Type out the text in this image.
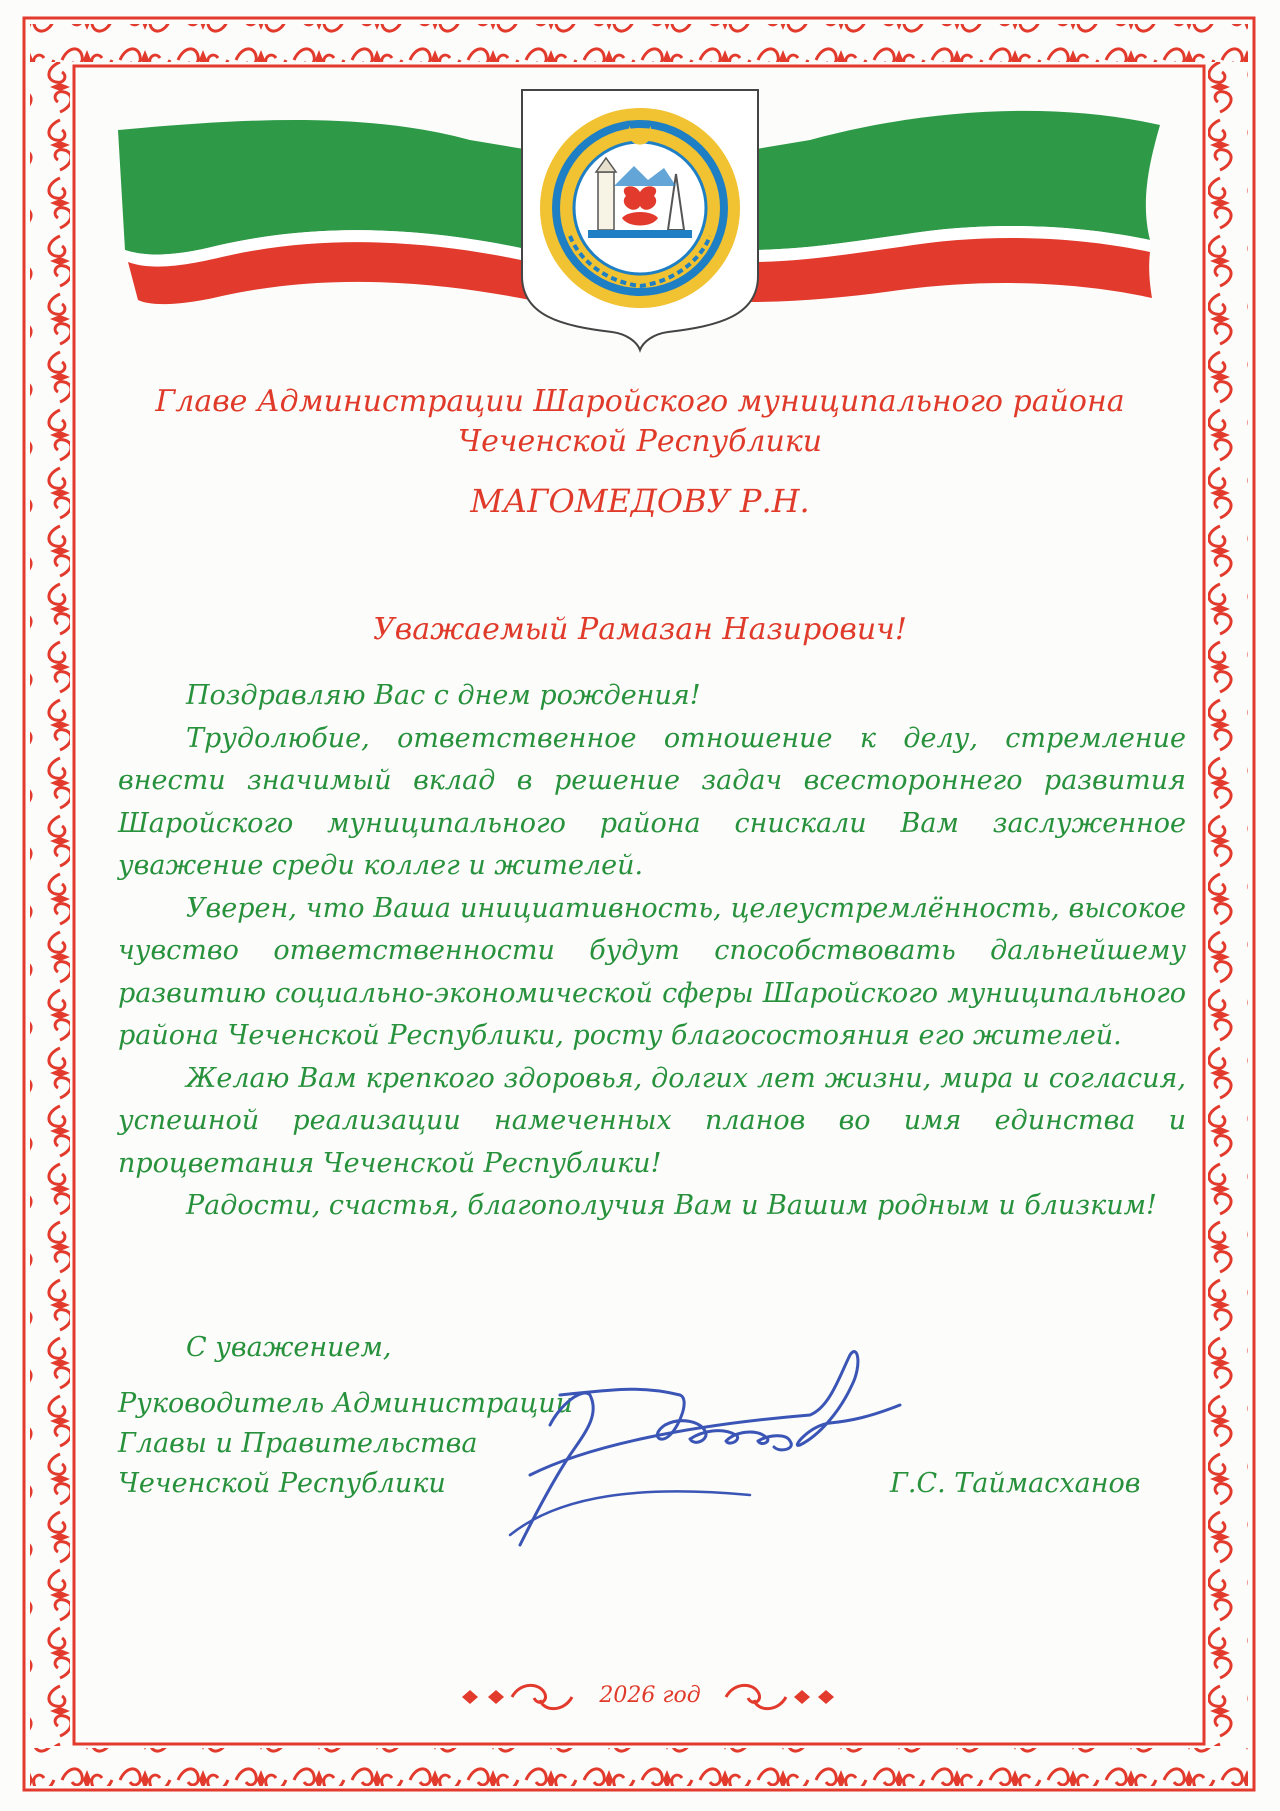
Главе Администрации Шаройского муниципального района
Чеченской Республики
МАГОМЕДОВУ Р.Н.
Уважаемый Рамазан Назирович!

Поздравляю Вас с днем рождения!

Трудолюбие, ответственное отношение к делу, стремление внести значимый вклад в решение задач всестороннего развития Шаройского муниципального района снискали Вам заслуженное уважение среди коллег и жителей.

Уверен, что Ваша инициативность, целеустремлённость, высокое чувство ответственности будут способствовать дальнейшему развитию социально-экономической сферы Шаройского муниципального района Чеченской Республики, росту благосостояния его жителей.

Желаю Вам крепкого здоровья, долгих лет жизни, мира и согласия, успешной реализации намеченных планов во имя единства и процветания Чеченской Республики!

Радости, счастья, благополучия Вам и Вашим родным и близким!

С уважением,
Руководитель Администрации
Главы и Правительства
Чеченской Республики	Г.С. Таймасханов
2026 год
